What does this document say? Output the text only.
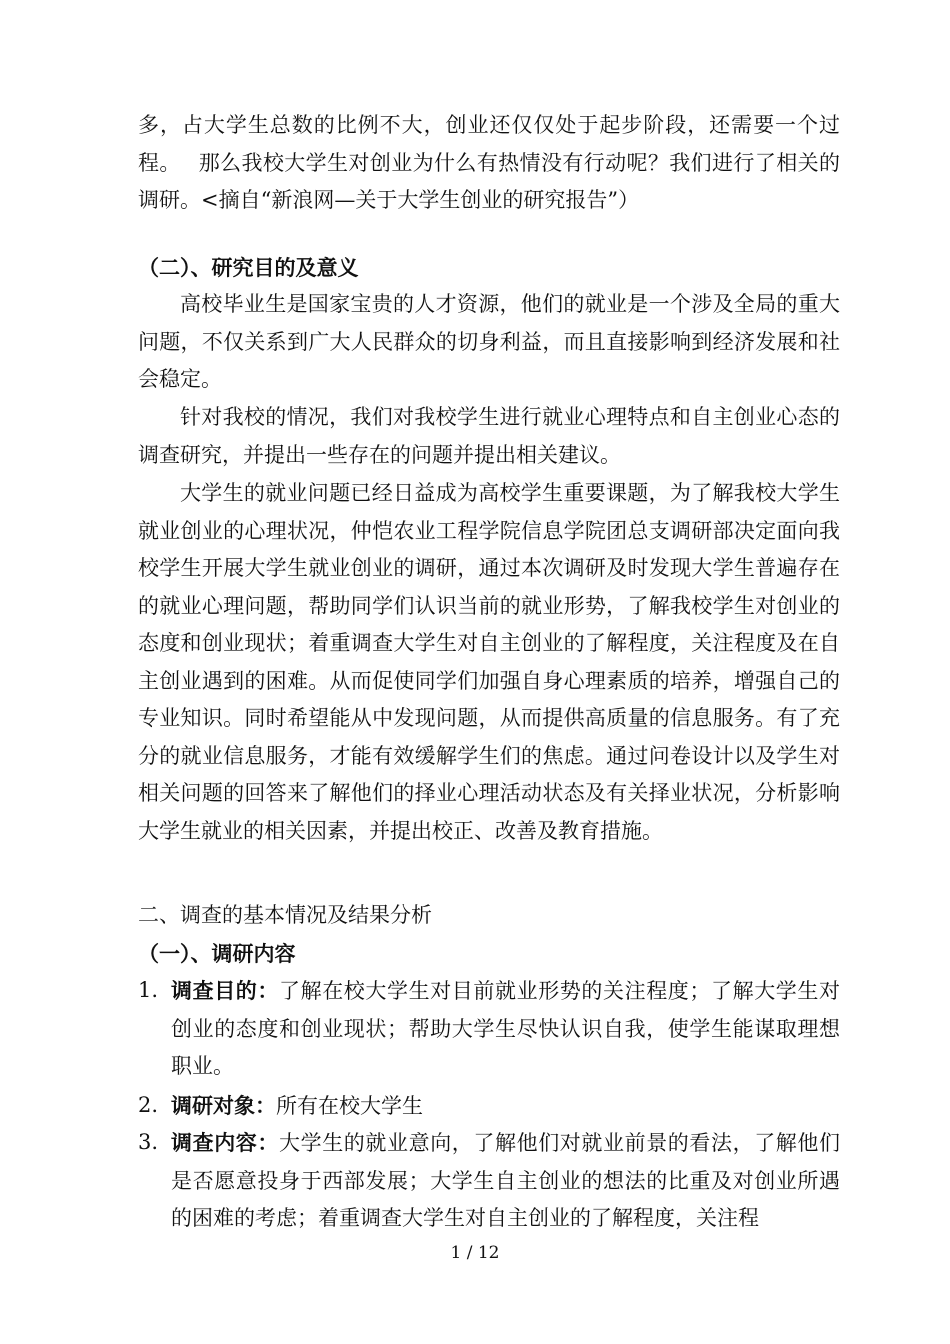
多，占大学生总数的比例不大，创业还仅仅处于起步阶段，还需要一个过程。　 那么我校大学生对创业为什么有热情没有行动呢？我们进行了相关的调研。<摘自“新浪网—关于大学生创业的研究报告”）

（二）、研究目的及意义

高校毕业生是国家宝贵的人才资源，他们的就业是一个涉及全局的重大问题，不仅关系到广大人民群众的切身利益，而且直接影响到经济发展和社会稳定。

针对我校的情况，我们对我校学生进行就业心理特点和自主创业心态的调查研究，并提出一些存在的问题并提出相关建议。

大学生的就业问题已经日益成为高校学生重要课题，为了解我校大学生就业创业的心理状况，仲恺农业工程学院信息学院团总支调研部决定面向我校学生开展大学生就业创业的调研，通过本次调研及时发现大学生普遍存在的就业心理问题，帮助同学们认识当前的就业形势，了解我校学生对创业的态度和创业现状；着重调查大学生对自主创业的了解程度，关注程度及在自主创业遇到的困难。从而促使同学们加强自身心理素质的培养，增强自己的专业知识。同时希望能从中发现问题，从而提供高质量的信息服务。有了充分的就业信息服务，才能有效缓解学生们的焦虑。通过问卷设计以及学生对相关问题的回答来了解他们的择业心理活动状态及有关择业状况，分析影响大学生就业的相关因素，并提出校正、改善及教育措施。

二、调查的基本情况及结果分析

（一）、调研内容

1. 调查目的：了解在校大学生对目前就业形势的关注程度；了解大学生对创业的态度和创业现状；帮助大学生尽快认识自我，使学生能谋取理想职业。
2. 调研对象：所有在校大学生
3. 调查内容：大学生的就业意向，了解他们对就业前景的看法，了解他们是否愿意投身于西部发展；大学生自主创业的想法的比重及对创业所遇的困难的考虑；着重调查大学生对自主创业的了解程度，关注程
1 / 12
